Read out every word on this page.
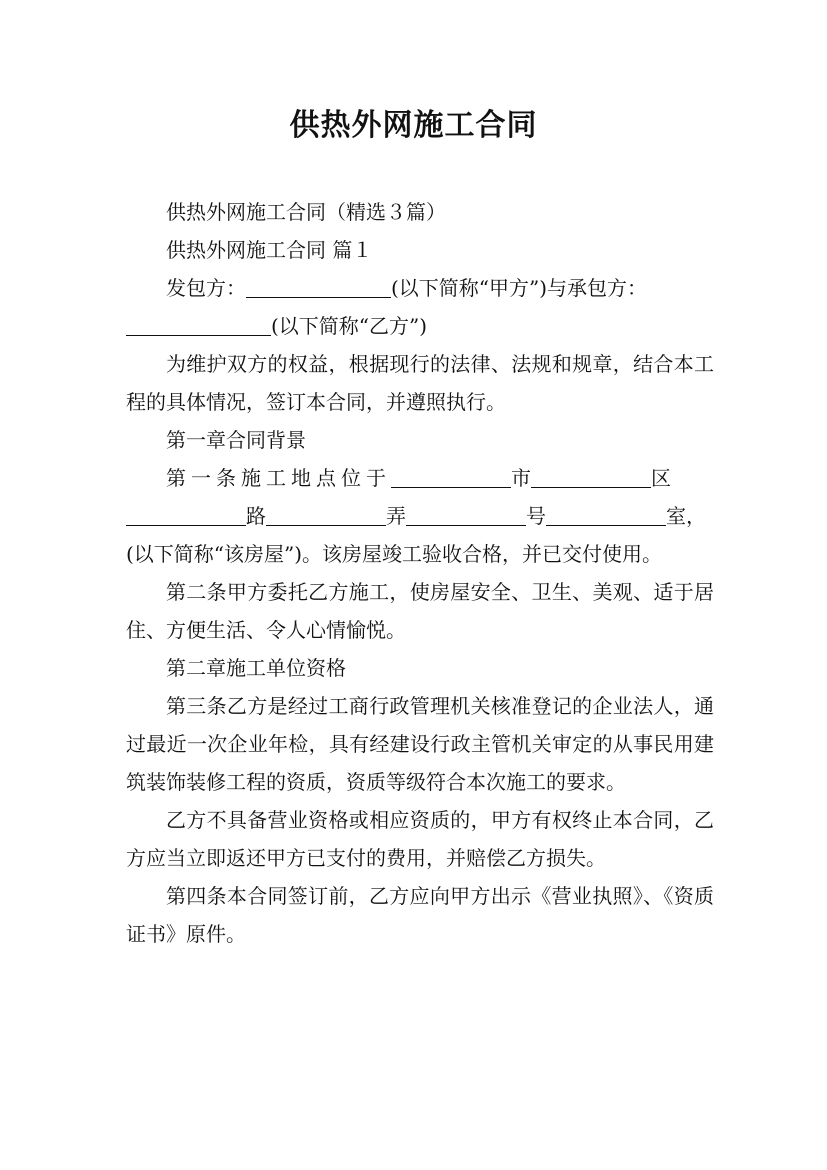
供热外网施工合同

供热外网施工合同（精选３篇）

供热外网施工合同 篇１

发包方：	(以下简称“甲方”)与承包方：

(以下简称“乙方”)

为维护双方的权益，根据现行的法律、法规和规章，结合本工程的具体情况，签订本合同，并遵照执行。

第一章合同背景

第一条施工地点位于	市	区

路	弄	号	室，

(以下简称“该房屋”)。该房屋竣工验收合格，并已交付使用。

第二条甲方委托乙方施工，使房屋安全、卫生、美观、适于居住、方便生活、令人心情愉悦。

第二章施工单位资格

第三条乙方是经过工商行政管理机关核准登记的企业法人，通过最近一次企业年检，具有经建设行政主管机关审定的从事民用建筑装饰装修工程的资质，资质等级符合本次施工的要求。

乙方不具备营业资格或相应资质的，甲方有权终止本合同，乙方应当立即返还甲方已支付的费用，并赔偿乙方损失。

第四条本合同签订前，乙方应向甲方出示《营业执照》、《资质证书》原件。
